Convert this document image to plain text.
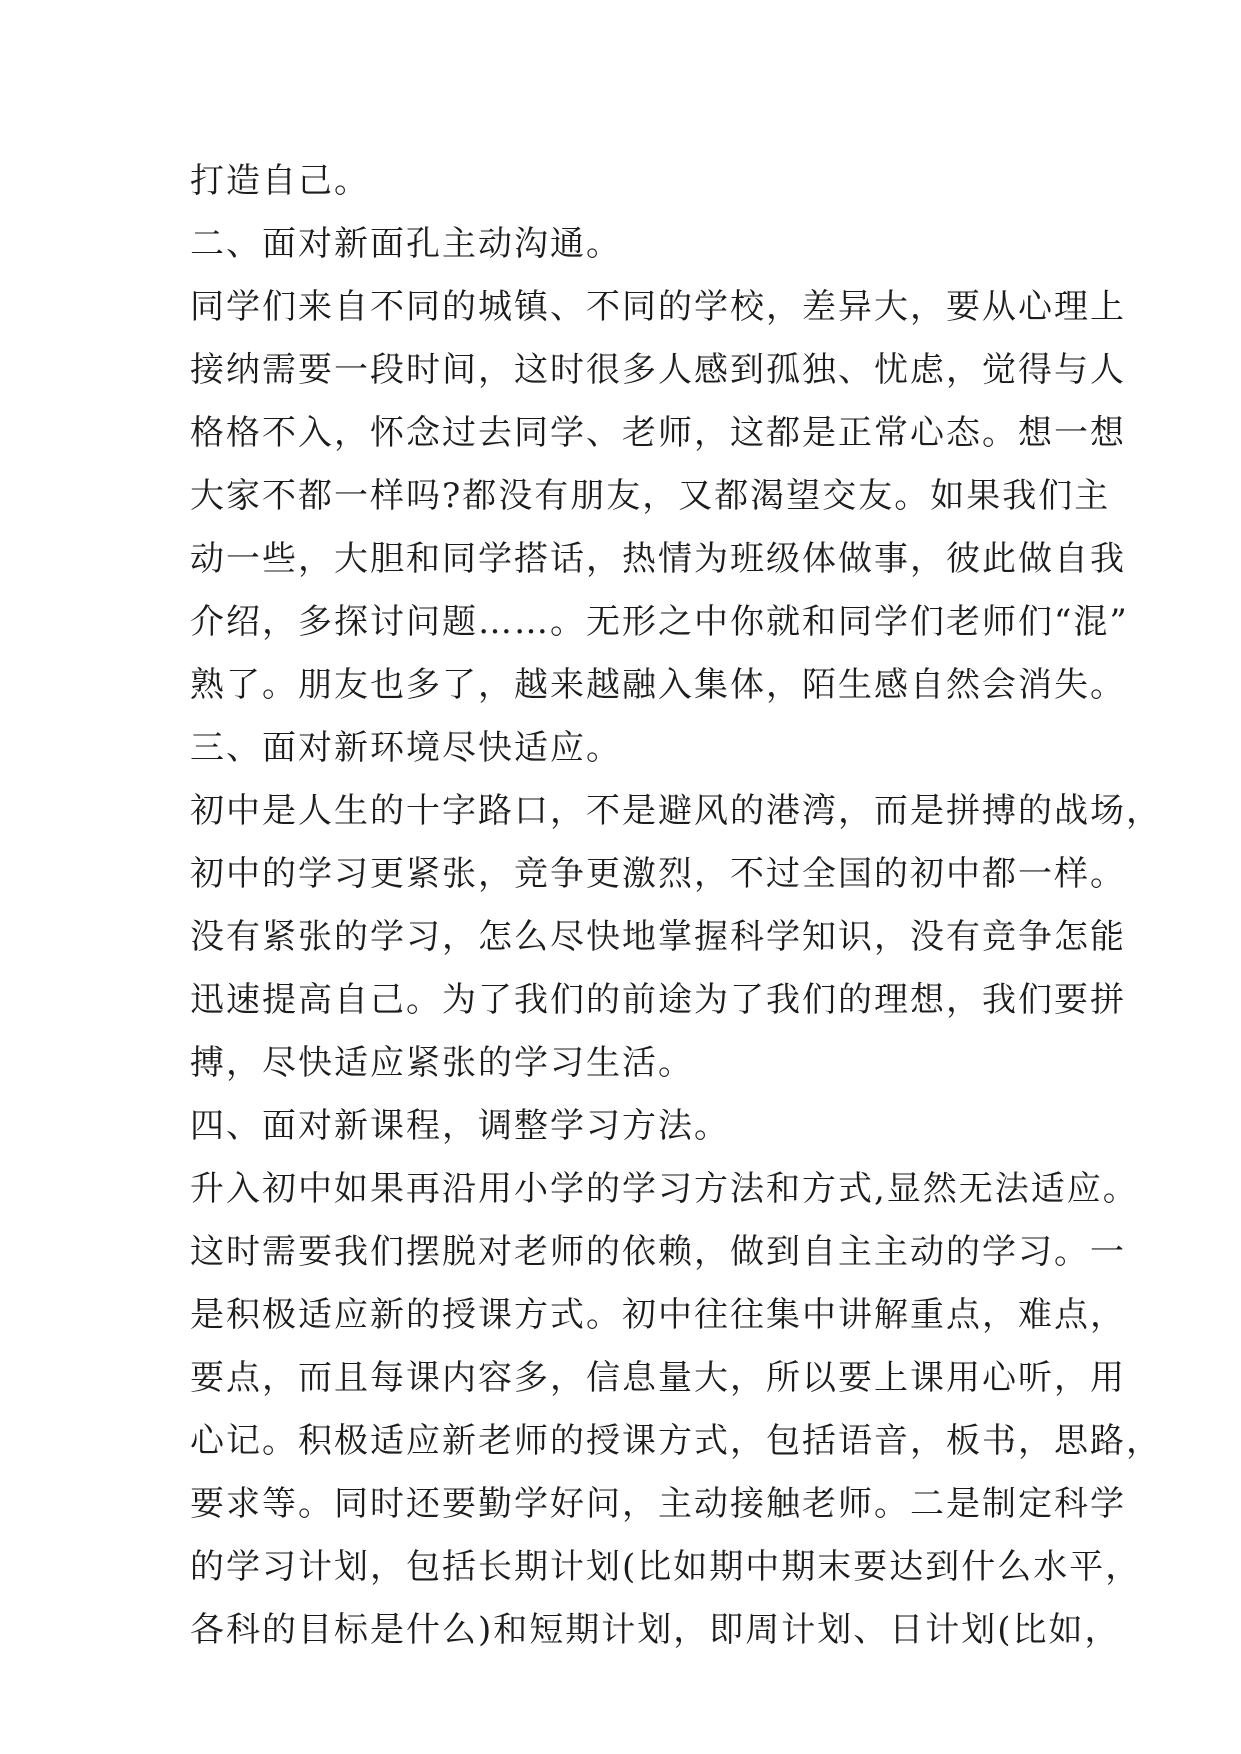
打造自己。
二、面对新面孔主动沟通。
同学们来自不同的城镇、不同的学校，差异大，要从心理上
接纳需要一段时间，这时很多人感到孤独、忧虑，觉得与人
格格不入，怀念过去同学、老师，这都是正常心态。想一想
大家不都一样吗?都没有朋友，又都渴望交友。如果我们主
动一些，大胆和同学搭话，热情为班级体做事，彼此做自我
介绍，多探讨问题……。无形之中你就和同学们老师们“混”
熟了。朋友也多了，越来越融入集体，陌生感自然会消失。
三、面对新环境尽快适应。
初中是人生的十字路口，不是避风的港湾，而是拼搏的战场，
初中的学习更紧张，竞争更激烈，不过全国的初中都一样。
没有紧张的学习，怎么尽快地掌握科学知识，没有竞争怎能
迅速提高自己。为了我们的前途为了我们的理想，我们要拼
搏，尽快适应紧张的学习生活。
四、面对新课程，调整学习方法。
升入初中如果再沿用小学的学习方法和方式,显然无法适应。
这时需要我们摆脱对老师的依赖，做到自主主动的学习。一
是积极适应新的授课方式。初中往往集中讲解重点，难点，
要点，而且每课内容多，信息量大，所以要上课用心听，用
心记。积极适应新老师的授课方式，包括语音，板书，思路，
要求等。同时还要勤学好问，主动接触老师。二是制定科学
的学习计划，包括长期计划(比如期中期末要达到什么水平，
各科的目标是什么)和短期计划，即周计划、日计划(比如，
